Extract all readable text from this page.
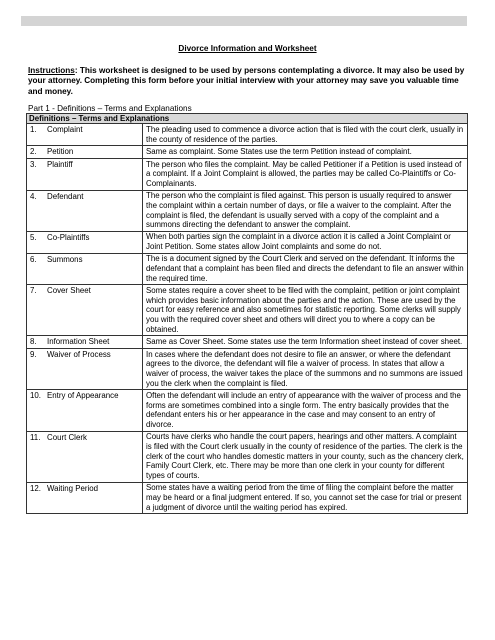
Divorce Information and Worksheet
Instructions: This worksheet is designed to be used by persons contemplating a divorce. It may also be used by your attorney. Completing this form before your initial interview with your attorney may save you valuable time and money.
Part 1 - Definitions – Terms and Explanations
Definitions – Terms and Explanations	
1. Complaint	The pleading used to commence a divorce action that is filed with the court clerk, usually in the county of residence of the parties.
2. Petition	Same as complaint. Some States use the term Petition instead of complaint.
3. Plaintiff	The person who files the complaint. May be called Petitioner if a Petition is used instead of a complaint. If a Joint Complaint is allowed, the parties may be called Co-Plaintiffs or Co-Complainants.
4. Defendant	The person who the complaint is filed against. This person is usually required to answer the complaint within a certain number of days, or file a waiver to the complaint. After the complaint is filed, the defendant is usually served with a copy of the complaint and a summons directing the defendant to answer the complaint.
5. Co-Plaintiffs	When both parties sign the complaint in a divorce action it is called a Joint Complaint or Joint Petition. Some states allow Joint complaints and some do not.
6. Summons	The is a document signed by the Court Clerk and served on the defendant. It informs the defendant that a complaint has been filed and directs the defendant to file an answer within the required time.
7. Cover Sheet	Some states require a cover sheet to be filed with the complaint, petition or joint complaint which provides basic information about the parties and the action. These are used by the court for easy reference and also sometimes for statistic reporting. Some clerks will supply you with the required cover sheet and others will direct you to where a copy can be obtained.
8. Information Sheet	Same as Cover Sheet. Some states use the term Information sheet instead of cover sheet.
9. Waiver of Process	In cases where the defendant does not desire to file an answer, or where the defendant agrees to the divorce, the defendant will file a waiver of process. In states that allow a waiver of process, the waiver takes the place of the summons and no summons are issued you the clerk when the complaint is filed.
10. Entry of Appearance	Often the defendant will include an entry of appearance with the waiver of process and the forms are sometimes combined into a single form. The entry basically provides that the defendant enters his or her appearance in the case and may consent to an entry of divorce.
11. Court Clerk	Courts have clerks who handle the court papers, hearings and other matters. A complaint is filed with the Court clerk usually in the county of residence of the parties. The clerk is the clerk of the court who handles domestic matters in your county, such as the chancery clerk, Family Court Clerk, etc. There may be more than one clerk in your county for different types of courts.
12. Waiting Period	Some states have a waiting period from the time of filing the complaint before the matter may be heard or a final judgment entered. If so, you cannot set the case for trial or present a judgment of divorce until the waiting period has expired.
